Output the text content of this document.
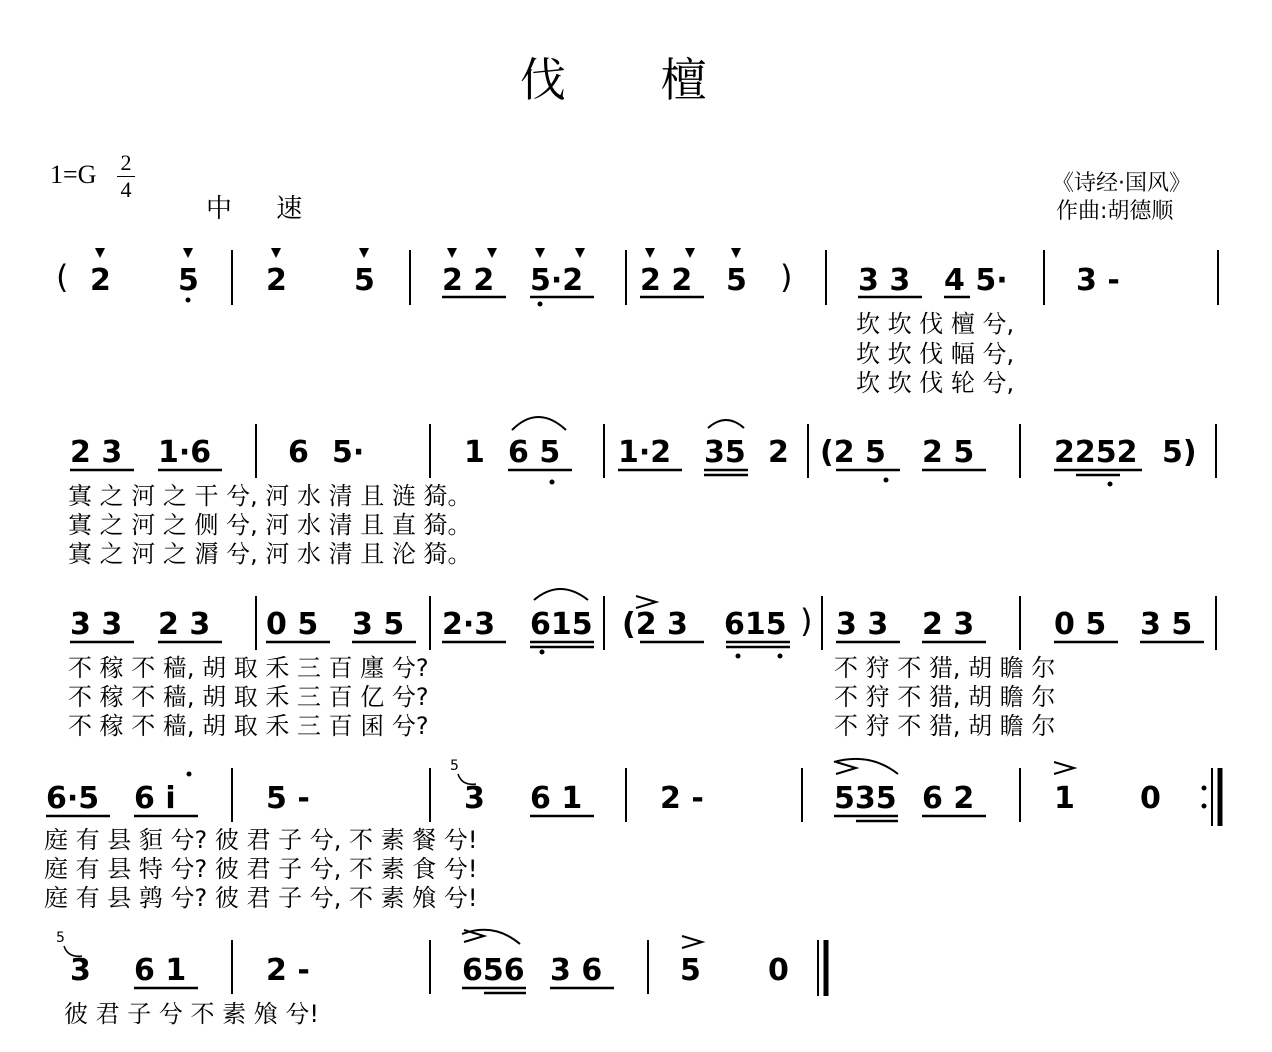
伐 檀
1=G 2
4
中 速
《诗经·国风》
作曲:胡德顺
( 2 5 2 5 2 2 5·2 2 2 5 ) 3 3 4 5· 3 -
坎 坎 伐 檀 兮,
坎 坎 伐 幅 兮,
坎 坎 伐 轮 兮,
2 3 1·6	6 5·	1 6 5 1·2 35 2 (2 5 2 5	2252 5)
寘 之 河 之 干 兮, 河 水 清 且 涟 猗。
寘 之 河 之 侧 兮, 河 水 清 且 直 猗。
寘 之 河 之 漘 兮, 河 水 清 且 沦 猗。
3 3 2 3 0 5 3 5 2·3 615 (2 3 615 ) 3 3 2 3	0 5 3 5
不 稼 不 穑, 胡 取 禾 三 百 廛 兮?
不 稼 不 穑, 胡 取 禾 三 百 亿 兮?
不 稼 不 穑, 胡 取 禾 三 百 囷 兮?
不 狩 不 猎, 胡 瞻 尔
不 狩 不 猎, 胡 瞻 尔
不 狩 不 猎, 胡 瞻 尔
6·5 6 i	5 -
5
3 6 1	2 -	535 6 2	1 0
庭 有 县 貆 兮? 彼 君 子 兮, 不 素 餐 兮!
庭 有 县 特 兮? 彼 君 子 兮, 不 素 食 兮!
庭 有 县 鹑 兮? 彼 君 子 兮, 不 素 飧 兮!
5
3 6 1	2 -	656 3 6	5 0
彼 君 子 兮 不 素 飧 兮!
